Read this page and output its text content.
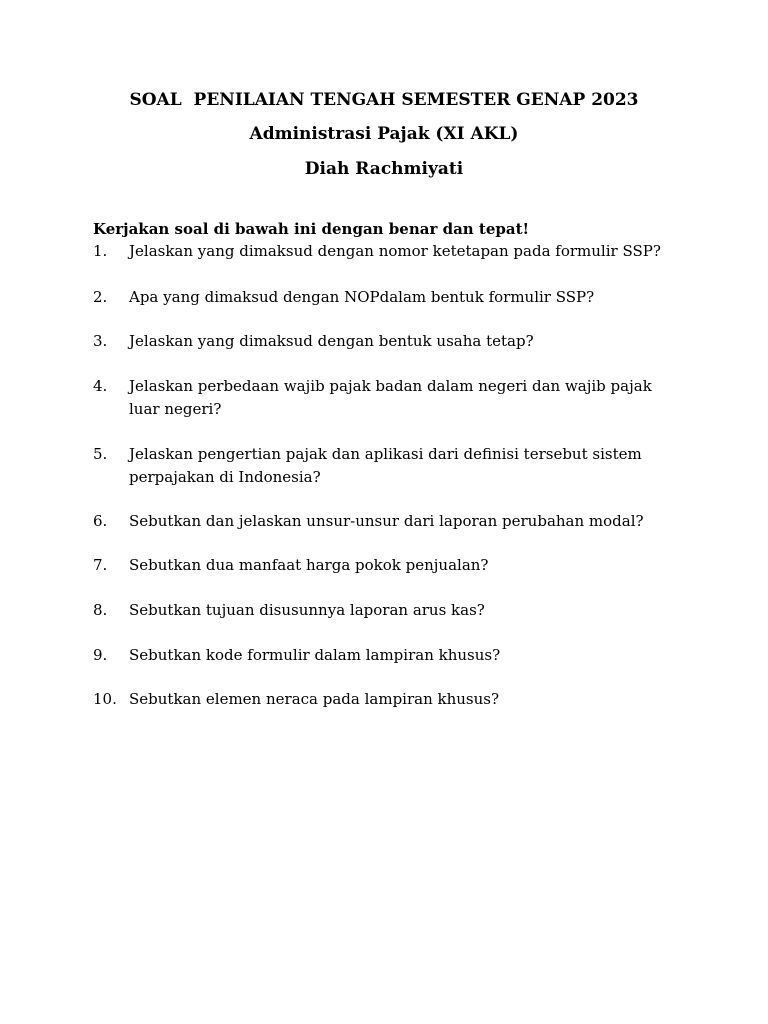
SOAL  PENILAIAN TENGAH SEMESTER GENAP 2023
Administrasi Pajak (XI AKL)
Diah Rachmiyati
Kerjakan soal di bawah ini dengan benar dan tepat!
1. Jelaskan yang dimaksud dengan nomor ketetapan pada formulir SSP?
2. Apa yang dimaksud dengan NOPdalam bentuk formulir SSP?
3. Jelaskan yang dimaksud dengan bentuk usaha tetap?
4. Jelaskan perbedaan wajib pajak badan dalam negeri dan wajib pajak luar negeri?
5. Jelaskan pengertian pajak dan aplikasi dari definisi tersebut sistem perpajakan di Indonesia?
6. Sebutkan dan jelaskan unsur-unsur dari laporan perubahan modal?
7. Sebutkan dua manfaat harga pokok penjualan?
8. Sebutkan tujuan disusunnya laporan arus kas?
9. Sebutkan kode formulir dalam lampiran khusus?
10. Sebutkan elemen neraca pada lampiran khusus?
